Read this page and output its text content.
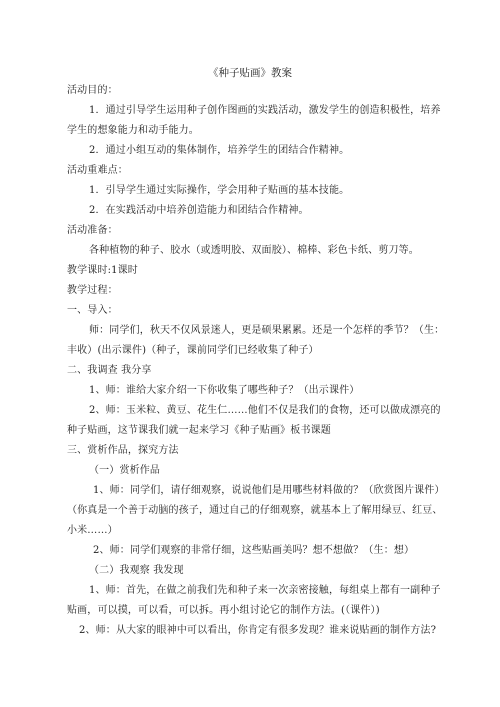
《种子贴画》教案
活动目的：
1．通过引导学生运用种子创作图画的实践活动，激发学生的创造积极性，培养
学生的想象能力和动手能力。
2．通过小组互动的集体制作，培养学生的团结合作精神。
活动重难点：
1．引导学生通过实际操作，学会用种子贴画的基本技能。
2．在实践活动中培养创造能力和团结合作精神。
活动准备：
各种植物的种子、胶水（或透明胶、双面胶）、棉棒、彩色卡纸、剪刀等。
教学课时:1课时
教学过程：
一、导入：
师：同学们，秋天不仅风景迷人，更是硕果累累。还是一个怎样的季节？（生：
丰收）(出示课件)（种子，课前同学们已经收集了种子）
二、我调查 我分享
1、师：谁给大家介绍一下你收集了哪些种子？（出示课件）
2、师：玉米粒、黄豆、花生仁……他们不仅是我们的食物，还可以做成漂亮的
种子贴画，这节课我们就一起来学习《种子贴画》板书课题
三、赏析作品，探究方法
（一）赏析作品
1、师：同学们，请仔细观察，说说他们是用哪些材料做的？（欣赏图片课件）
（你真是一个善于动脑的孩子，通过自己的仔细观察，就基本上了解用绿豆、红豆、
小米……）
2、师：同学们观察的非常仔细，这些贴画美吗？想不想做？（生：想）
（二）我观察 我发现
1、师：首先，在做之前我们先和种子来一次亲密接触，每组桌上都有一副种子
贴画，可以摸，可以看，可以拆。再小组讨论它的制作方法。(（课件）)
2、师：从大家的眼神中可以看出，你肯定有很多发现？谁来说贴画的制作方法?
